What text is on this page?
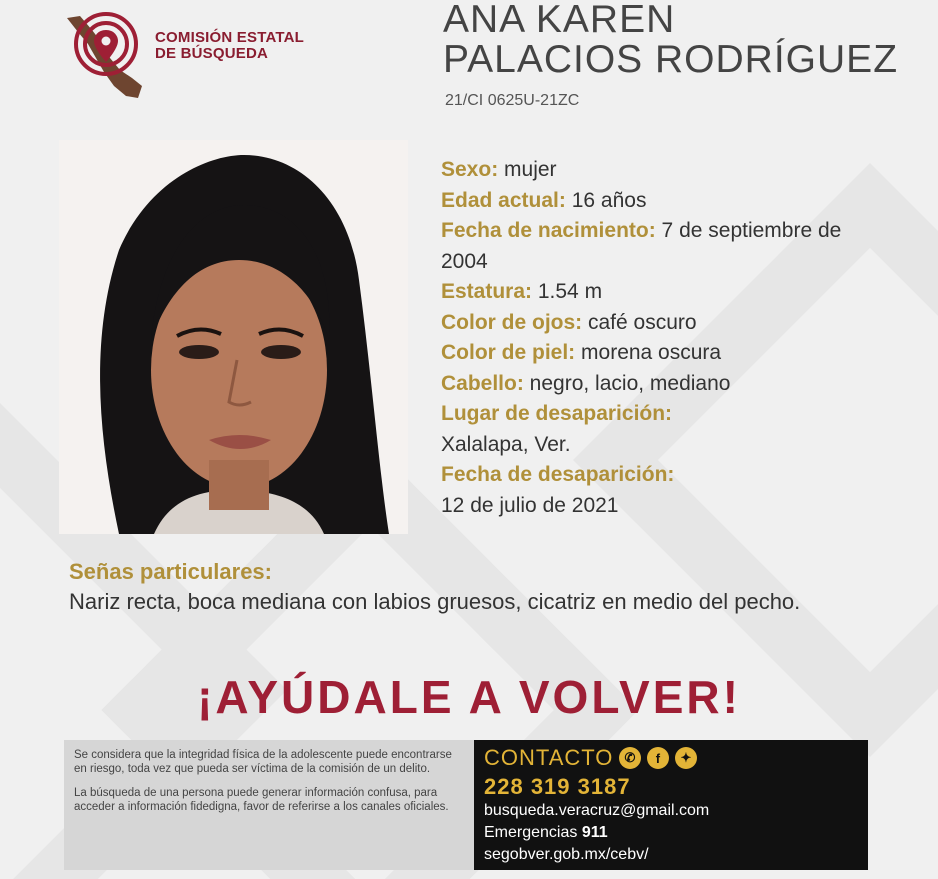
COMISIÓN ESTATAL
DE BÚSQUEDA
ANA KAREN
PALACIOS RODRÍGUEZ
21/CI 0625U-21ZC
Sexo: mujer
Edad actual: 16 años
Fecha de nacimiento: 7 de septiembre de 2004
Estatura: 1.54 m
Color de ojos: café oscuro
Color de piel: morena oscura
Cabello: negro, lacio, mediano
Lugar de desaparición:
Xalalapa, Ver.
Fecha de desaparición:
12 de julio de 2021
Señas particulares:
Nariz recta, boca mediana con labios gruesos, cicatriz en medio del pecho.
¡AYÚDALE A VOLVER!

Se considera que la integridad física de la adolescente puede encontrarse en riesgo, toda vez que pueda ser víctima de la comisión de un delito.

La búsqueda de una persona puede generar información confusa, para acceder a información fidedigna, favor de referirse a los canales oficiales.

CONTACTO ✆	f	✦
228 319 3187
busqueda.veracruz@gmail.com
Emergencias 911
segobver.gob.mx/cebv/
